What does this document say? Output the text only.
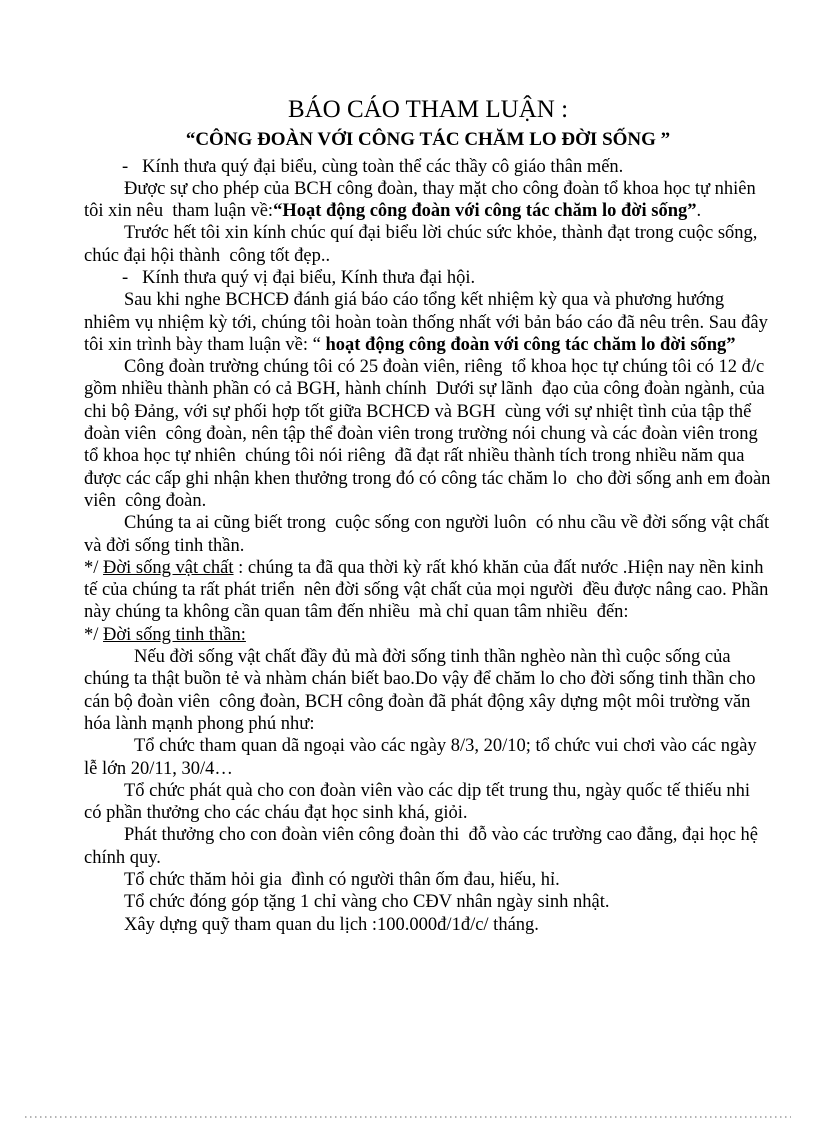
BÁO CÁO THAM LUẬN :
“CÔNG ĐOÀN VỚI CÔNG TÁC CHĂM LO ĐỜI SỐNG ”

- Kính thưa quý đại biểu, cùng toàn thể các thầy cô giáo thân mến.

Được sự cho phép của BCH công đoàn, thay mặt cho công đoàn tổ khoa học tự nhiên tôi xin nêu  tham luận về:“Hoạt động công đoàn với công tác chăm lo đời sống”.

Trước hết tôi xin kính chúc quí đại biểu lời chúc sức khỏe, thành đạt trong cuộc sống, chúc đại hội thành  công tốt đẹp..

- Kính thưa quý vị đại biểu, Kính thưa đại hội.

Sau khi nghe BCHCĐ đánh giá báo cáo tổng kết nhiệm kỳ qua và phương hướng nhiêm vụ nhiệm kỳ tới, chúng tôi hoàn toàn thống nhất với bản báo cáo đã nêu trên. Sau đây tôi xin trình bày tham luận về: “ hoạt động công đoàn với công tác chăm lo đời sống”

Công đoàn trường chúng tôi có 25 đoàn viên, riêng  tổ khoa học tự chúng tôi có 12 đ/c gồm nhiều thành phần có cả BGH, hành chính  Dưới sự lãnh  đạo của công đoàn ngành, của chi bộ Đảng, với sự phối hợp tốt giữa BCHCĐ và BGH  cùng với sự nhiệt tình của tập thể đoàn viên  công đoàn, nên tập thể đoàn viên trong trường nói chung và các đoàn viên trong tổ khoa học tự nhiên  chúng tôi nói riêng  đã đạt rất nhiều thành tích trong nhiều năm qua được các cấp ghi nhận khen thưởng trong đó có công tác chăm lo  cho đời sống anh em đoàn viên  công đoàn.

Chúng ta ai cũng biết trong  cuộc sống con người luôn  có nhu cầu về đời sống vật chất và đời sống tinh thần.

*/ Đời sống vật chất : chúng ta đã qua thời kỳ rất khó khăn của đất nước .Hiện nay nền kinh tế của chúng ta rất phát triển  nên đời sống vật chất của mọi người  đều được nâng cao. Phần này chúng ta không cần quan tâm đến nhiều  mà chỉ quan tâm nhiều  đến:

*/ Đời sống tinh thần:

Nếu đời sống vật chất đầy đủ mà đời sống tinh thần nghèo nàn thì cuộc sống của chúng ta thật buồn tẻ và nhàm chán biết bao.Do vậy để chăm lo cho đời sống tinh thần cho cán bộ đoàn viên  công đoàn, BCH công đoàn đã phát động xây dựng một môi trường văn hóa lành mạnh phong phú như:

Tổ chức tham quan dã ngoại vào các ngày 8/3, 20/10; tổ chức vui chơi vào các ngày lễ lớn 20/11, 30/4…

Tổ chức phát quà cho con đoàn viên vào các dịp tết trung thu, ngày quốc tế thiếu nhi  có phần thưởng cho các cháu đạt học sinh khá, giỏi.

Phát thưởng cho con đoàn viên công đoàn thi  đỗ vào các trường cao đẳng, đại học hệ chính quy.

Tổ chức thăm hỏi gia  đình có người thân ốm đau, hiếu, hỉ.

Tổ chức đóng góp tặng 1 chỉ vàng cho CĐV nhân ngày sinh nhật.

Xây dựng quỹ tham quan du lịch :100.000đ/1đ/c/ tháng.
